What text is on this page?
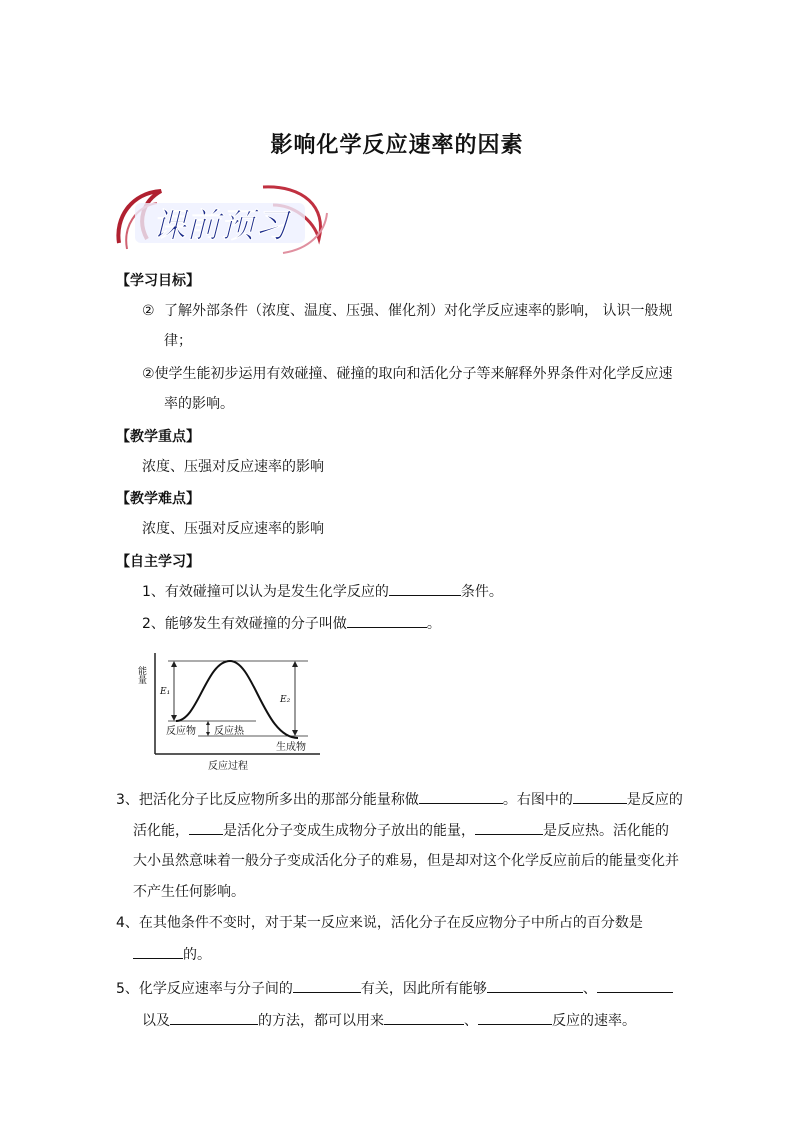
影响化学反应速率的因素
课前预习
【学习目标】
② 了解外部条件（浓度、温度、压强、催化剂）对化学反应速率的影响， 认识一般规
律；
②使学生能初步运用有效碰撞、碰撞的取向和活化分子等来解释外界条件对化学反应速
率的影响。
【教学重点】
浓度、压强对反应速率的影响
【教学难点】
浓度、压强对反应速率的影响
【自主学习】
1、有效碰撞可以认为是发生化学反应的	条件。
2、能够发生有效碰撞的分子叫做	。
能量
E₁
E₂
反应物 反应热
生成物
反应过程
3、把活化分子比反应物所多出的那部分能量称做	。右图中的	是反应的
活化能， 是活化分子变成生成物分子放出的能量，	是反应热。活化能的
大小虽然意味着一般分子变成活化分子的难易，但是却对这个化学反应前后的能量变化并
不产生任何影响。
4、在其他条件不变时，对于某一反应来说，活化分子在反应物分子中所占的百分数是
的。
5、化学反应速率与分子间的	有关，因此所有能够	、
以及	的方法，都可以用来	、	反应的速率。
